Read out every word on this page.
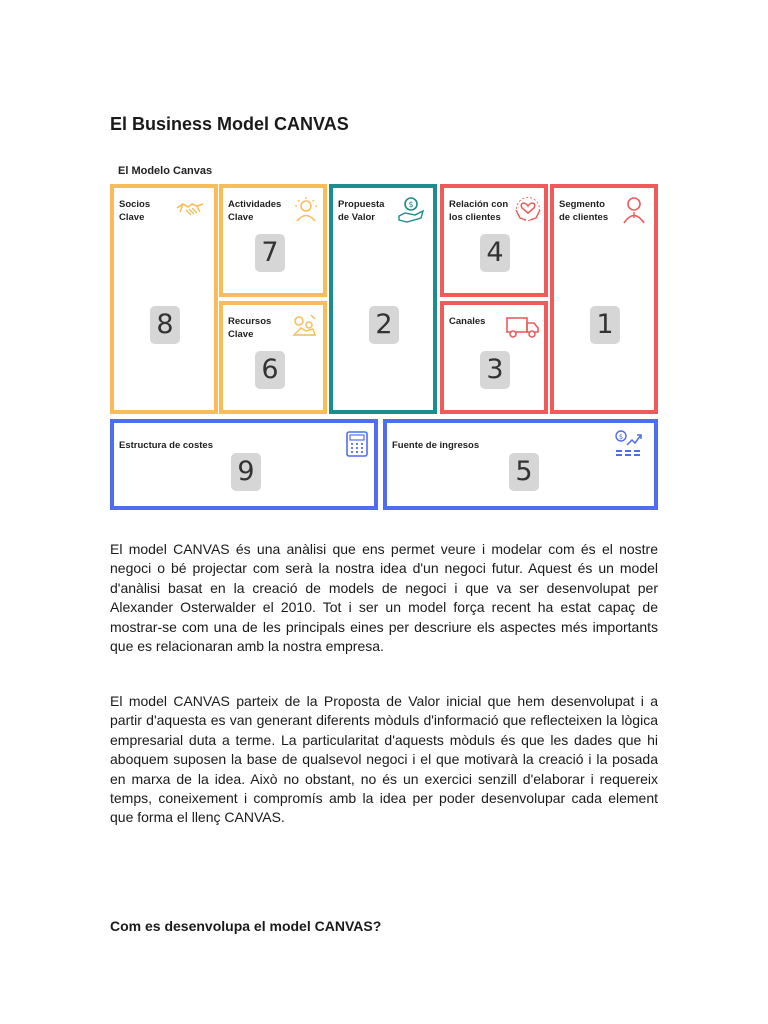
El Business Model CANVAS
El Modelo Canvas
Socios
Clave
8
Actividades
Clave
7
Recursos
Clave
6
Propuesta
de Valor
$
2
Relación con
los clientes
4
Canales
3
Segmento
de clientes
1
Estructura de costes
9
Fuente de ingresos
$
5

El model CANVAS és una anàlisi que ens permet veure i modelar com és el nostre negoci o bé projectar com serà la nostra idea d'un negoci futur. Aquest és un model d'anàlisi basat en la creació de models de negoci i que va ser desenvolupat per Alexander Osterwalder el 2010. Tot i ser un model força recent ha estat capaç de mostrar-se com una de les principals eines per descriure els aspectes més importants que es relacionaran amb la nostra empresa.

El model CANVAS parteix de la Proposta de Valor inicial que hem desenvolupat i a partir d'aquesta es van generant diferents mòduls d'informació que reflecteixen la lògica empresarial duta a terme. La particularitat d'aquests mòduls és que les dades que hi aboquem suposen la base de qualsevol negoci i el que motivarà la creació i la posada en marxa de la idea. Això no obstant, no és un exercici senzill d'elaborar i requereix temps, coneixement i compromís amb la idea per poder desenvolupar cada element que forma el llenç CANVAS.

Com es desenvolupa el model CANVAS?
